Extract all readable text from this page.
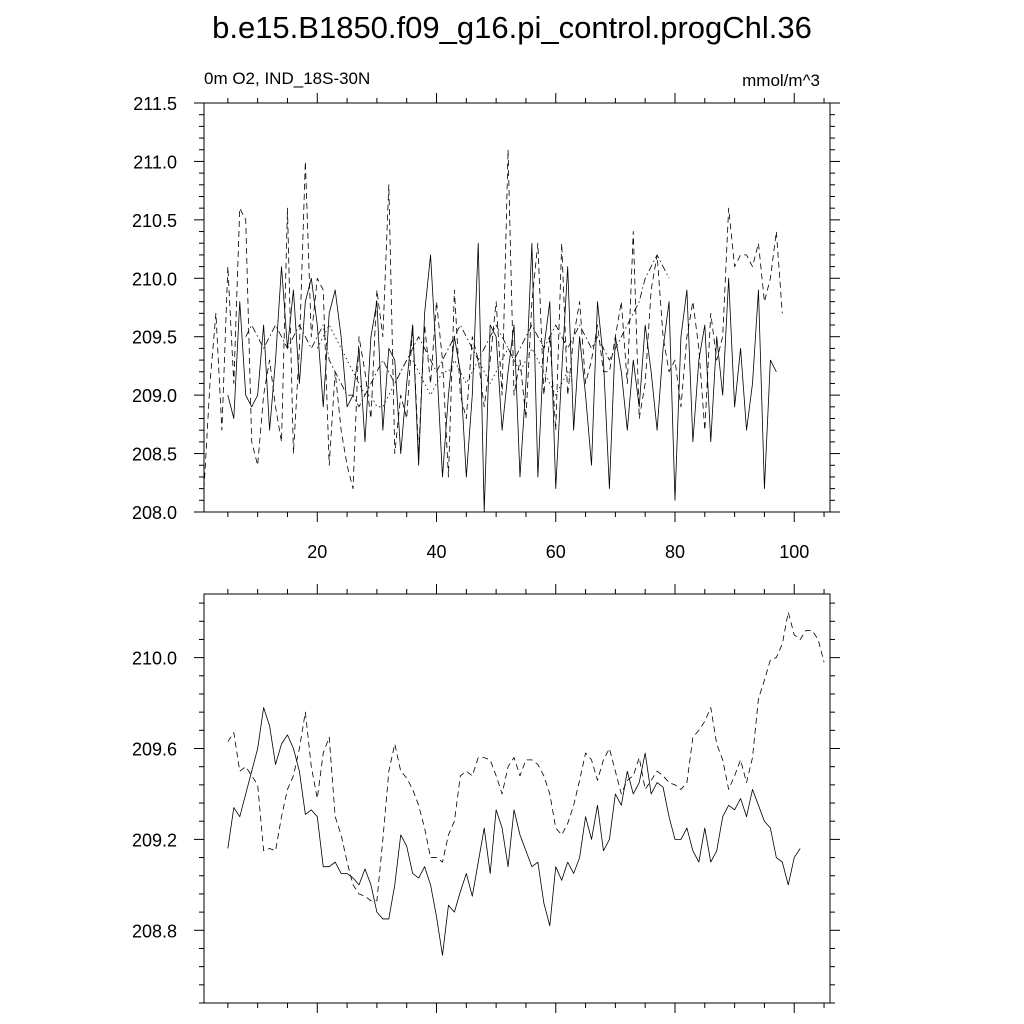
b.e15.B1850.f09_g16.pi_control.progChl.36
0m O2, IND_18S-30N	mmol/m^3
20	40	60	80	100
208.0
208.5
209.0
209.5
210.0
210.5
211.0
211.5
208.8
209.2
209.6
210.0
